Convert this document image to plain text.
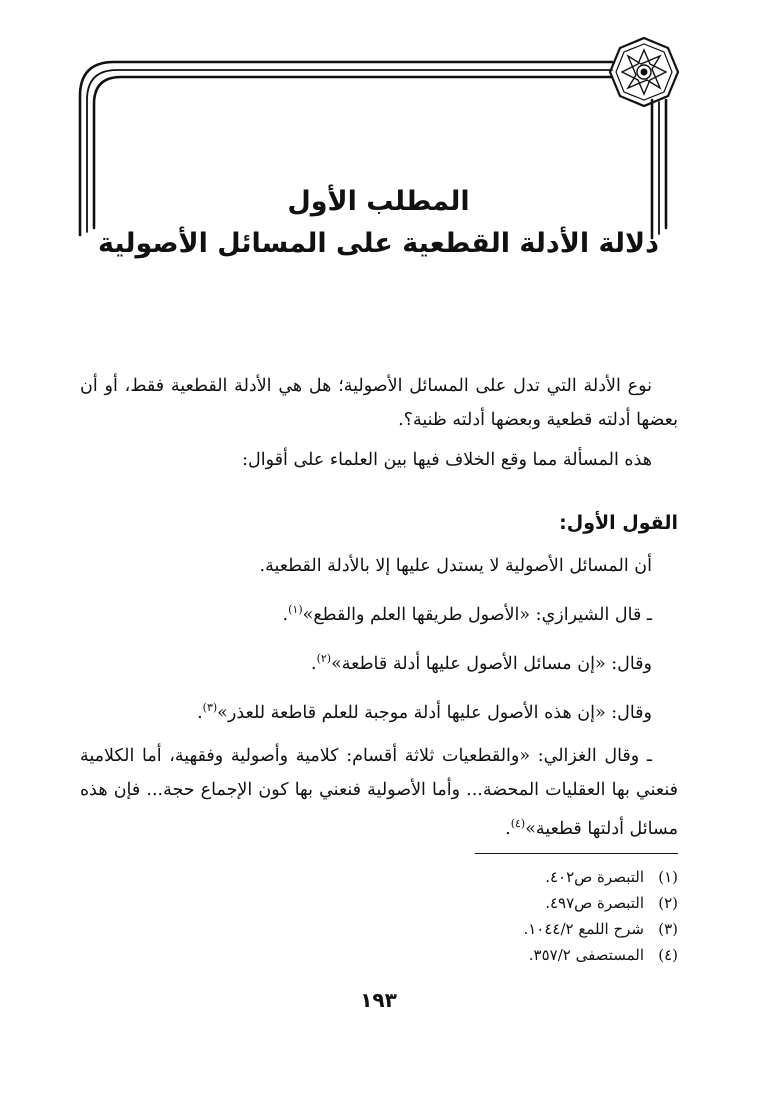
المطلب الأول
دلالة الأدلة القطعية على المسائل الأصولية

نوع الأدلة التي تدل على المسائل الأصولية؛ هل هي الأدلة القطعية فقط، أو أن بعضها أدلته قطعية وبعضها أدلته ظنية؟.

هذه المسألة مما وقع الخلاف فيها بين العلماء على أقوال:

القول الأول:

أن المسائل الأصولية لا يستدل عليها إلا بالأدلة القطعية.

ـ قال الشيرازي: «الأصول طريقها العلم والقطع»$^{(١)}$.

وقال: «إن مسائل الأصول عليها أدلة قاطعة»$^{(٢)}$.

وقال: «إن هذه الأصول عليها أدلة موجبة للعلم قاطعة للعذر»$^{(٣)}$.

ـ وقال الغزالي: «والقطعيات ثلاثة أقسام: كلامية وأصولية وفقهية، أما الكلامية فنعني بها العقليات المحضة... وأما الأصولية فنعني بها كون الإجماع حجة... فإن هذه مسائل أدلتها قطعية»$^{(٤)}$.

(١)التبصرة ص٤٠٢.
(٢)التبصرة ص٤٩٧.
(٣)شرح اللمع ١٠٤٤/٢.
(٤)المستصفى ٣٥٧/٢.
١٩٣
